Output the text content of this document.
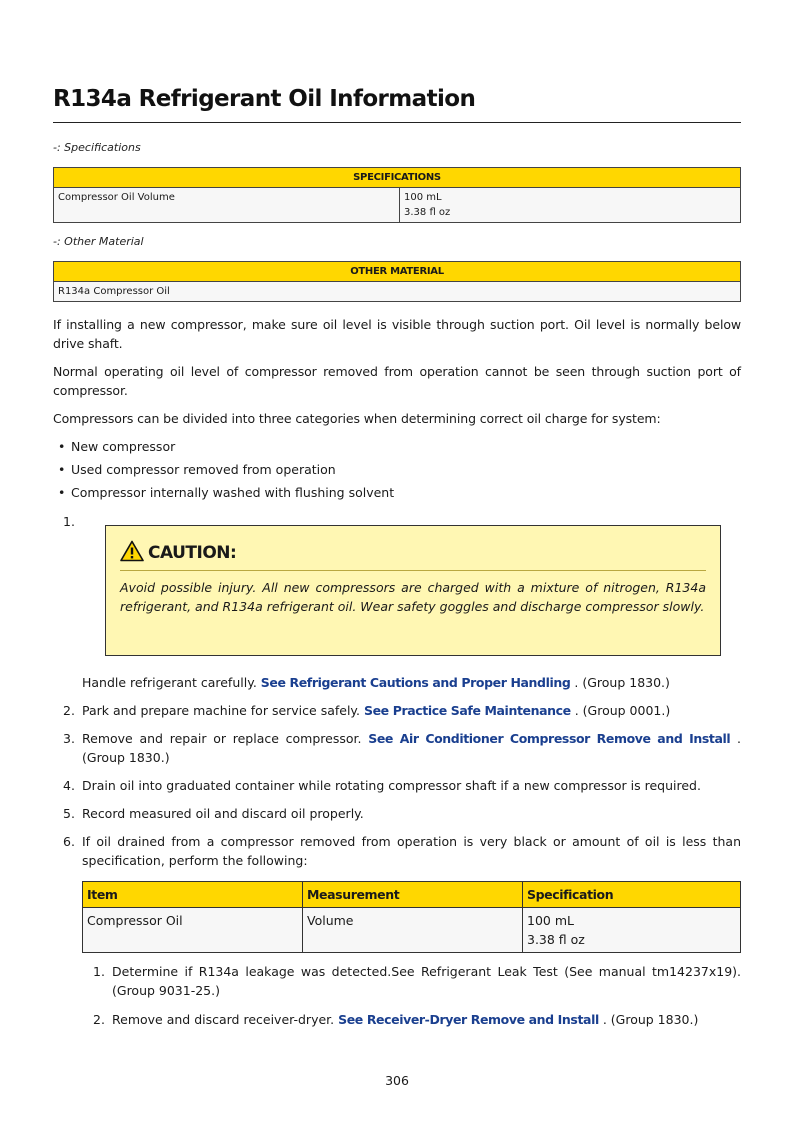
R134a Refrigerant Oil Information
-: Specifications
SPECIFICATIONS
Compressor Oil Volume	100 mL
3.38 fl oz
-: Other Material
OTHER MATERIAL
R134a Compressor Oil

If installing a new compressor, make sure oil level is visible through suction port. Oil level is normally below drive shaft.

Normal operating oil level of compressor removed from operation cannot be seen through suction port of compressor.

Compressors can be divided into three categories when determining correct oil charge for system:

• New compressor
• Used compressor removed from operation
• Compressor internally washed with flushing solvent
1.
CAUTION:
Avoid possible injury. All new compressors are charged with a mixture of nitrogen, R134a refrigerant, and R134a refrigerant oil. Wear safety goggles and discharge compressor slowly.
Handle refrigerant carefully. See Refrigerant Cautions and Proper Handling . (Group 1830.)
2. Park and prepare machine for service safely. See Practice Safe Maintenance . (Group 0001.)
3. Remove and repair or replace compressor. See Air Conditioner Compressor Remove and Install . (Group 1830.)
4. Drain oil into graduated container while rotating compressor shaft if a new compressor is required.
5. Record measured oil and discard oil properly.
6. If oil drained from a compressor removed from operation is very black or amount of oil is less than specification, perform the following:
Item	Measurement	Specification
Compressor Oil	Volume	100 mL
3.38 fl oz
1. Determine if R134a leakage was detected.See Refrigerant Leak Test (See manual tm14237x19). (Group 9031-25.)
2. Remove and discard receiver-dryer. See Receiver-Dryer Remove and Install . (Group 1830.)
306
